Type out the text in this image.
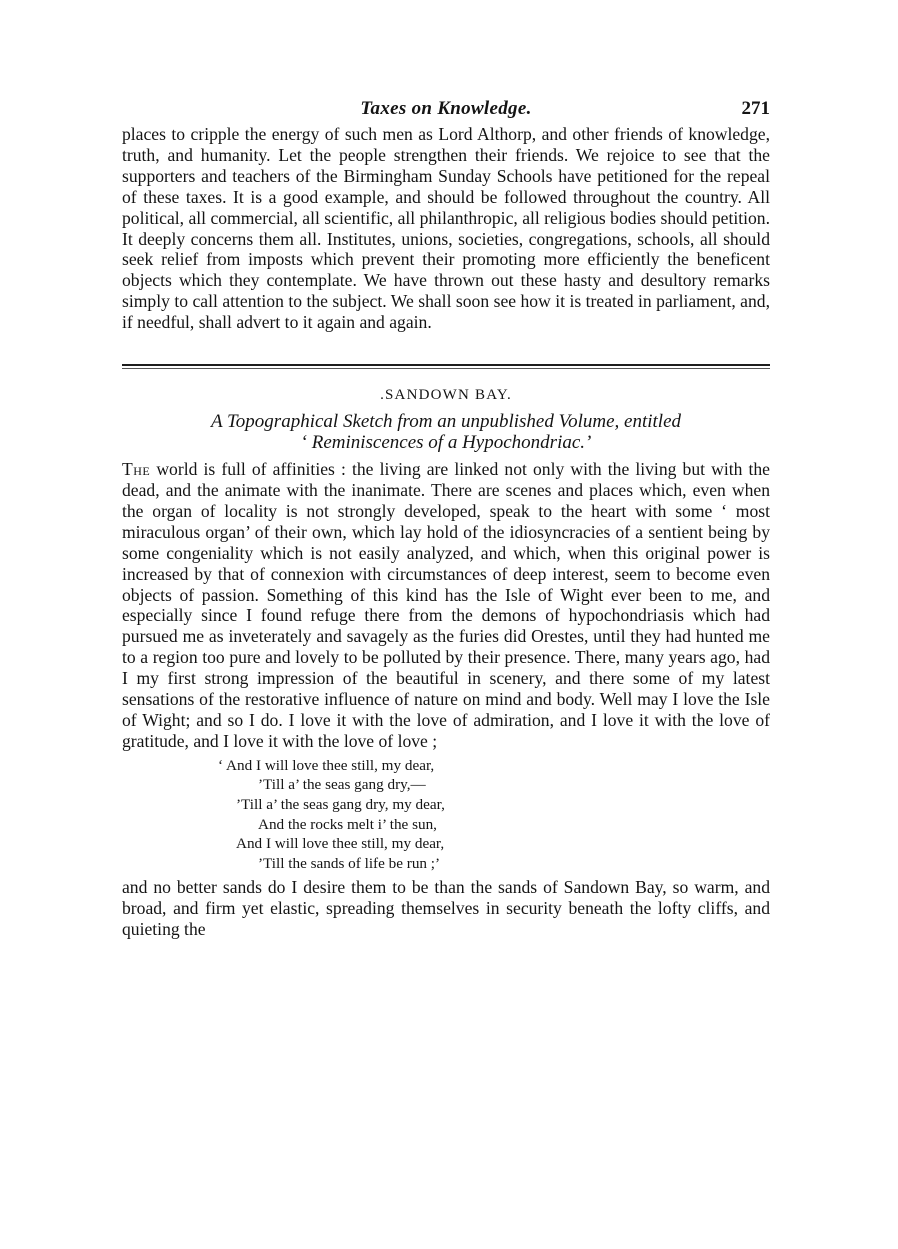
Taxes on Knowledge.	271

places to cripple the energy of such men as Lord Althorp, and other friends of knowledge, truth, and humanity. Let the people strengthen their friends. We rejoice to see that the supporters and teachers of the Birmingham Sunday Schools have petitioned for the repeal of these taxes. It is a good example, and should be followed throughout the country. All political, all commercial, all scientific, all philanthropic, all religious bodies should petition. It deeply concerns them all. Institutes, unions, societies, congregations, schools, all should seek relief from imposts which prevent their promoting more efficiently the beneficent objects which they contemplate. We have thrown out these hasty and desultory remarks simply to call attention to the subject. We shall soon see how it is treated in parliament, and, if needful, shall advert to it again and again.

.SANDOWN BAY.
A Topographical Sketch from an unpublished Volume, entitled
‘ Reminiscences of a Hypochondriac.’

The world is full of affinities : the living are linked not only with the living but with the dead, and the animate with the inanimate. There are scenes and places which, even when the organ of locality is not strongly developed, speak to the heart with some ‘ most miraculous organ’ of their own, which lay hold of the idiosyncracies of a sentient being by some congeniality which is not easily analyzed, and which, when this original power is increased by that of connexion with circumstances of deep interest, seem to become even objects of passion. Something of this kind has the Isle of Wight ever been to me, and especially since I found refuge there from the demons of hypochondriasis which had pursued me as inveterately and savagely as the furies did Orestes, until they had hunted me to a region too pure and lovely to be polluted by their presence. There, many years ago, had I my first strong impression of the beautiful in scenery, and there some of my latest sensations of the restorative influence of nature on mind and body. Well may I love the Isle of Wight; and so I do. I love it with the love of admiration, and I love it with the love of gratitude, and I love it with the love of love ;

‘ And I will love thee still, my dear,
’Till a’ the seas gang dry,—
’Till a’ the seas gang dry, my dear,
And the rocks melt i’ the sun,
And I will love thee still, my dear,
’Till the sands of life be run ;’

and no better sands do I desire them to be than the sands of Sandown Bay, so warm, and broad, and firm yet elastic, spreading themselves in security beneath the lofty cliffs, and quieting the
